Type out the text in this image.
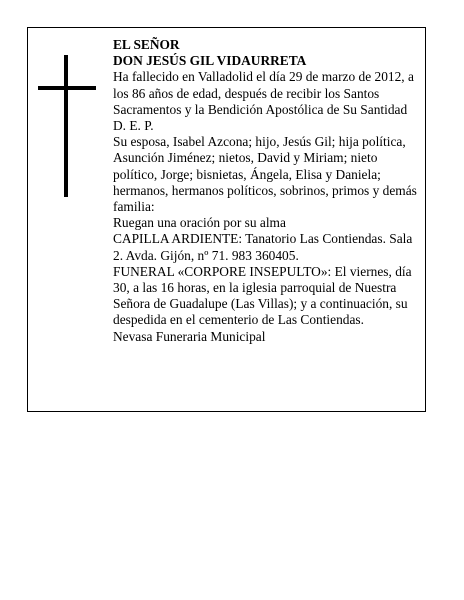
EL SEÑOR

DON JESÚS GIL VIDAURRETA

Ha fallecido en Valladolid el día 29 de marzo de 2012, a los 86 años de edad, después de recibir los Santos Sacramentos y la Bendición Apostólica de Su Santidad D. E. P.

Su esposa, Isabel Azcona; hijo, Jesús Gil; hija política, Asunción Jiménez; nietos, David y Miriam; nieto político, Jorge; bisnietas, Ángela, Elisa y Daniela; hermanos, hermanos políticos, sobrinos, primos y demás familia:

Ruegan una oración por su alma

CAPILLA ARDIENTE: Tanatorio Las Contiendas. Sala 2. Avda. Gijón, nº 71. 983 360405.

FUNERAL «CORPORE INSEPULTO»: El viernes, día 30, a las 16 horas, en la iglesia parroquial de Nuestra Señora de Guadalupe (Las Villas); y a continuación, su despedida en el cementerio de Las Contiendas.

Nevasa Funeraria Municipal
